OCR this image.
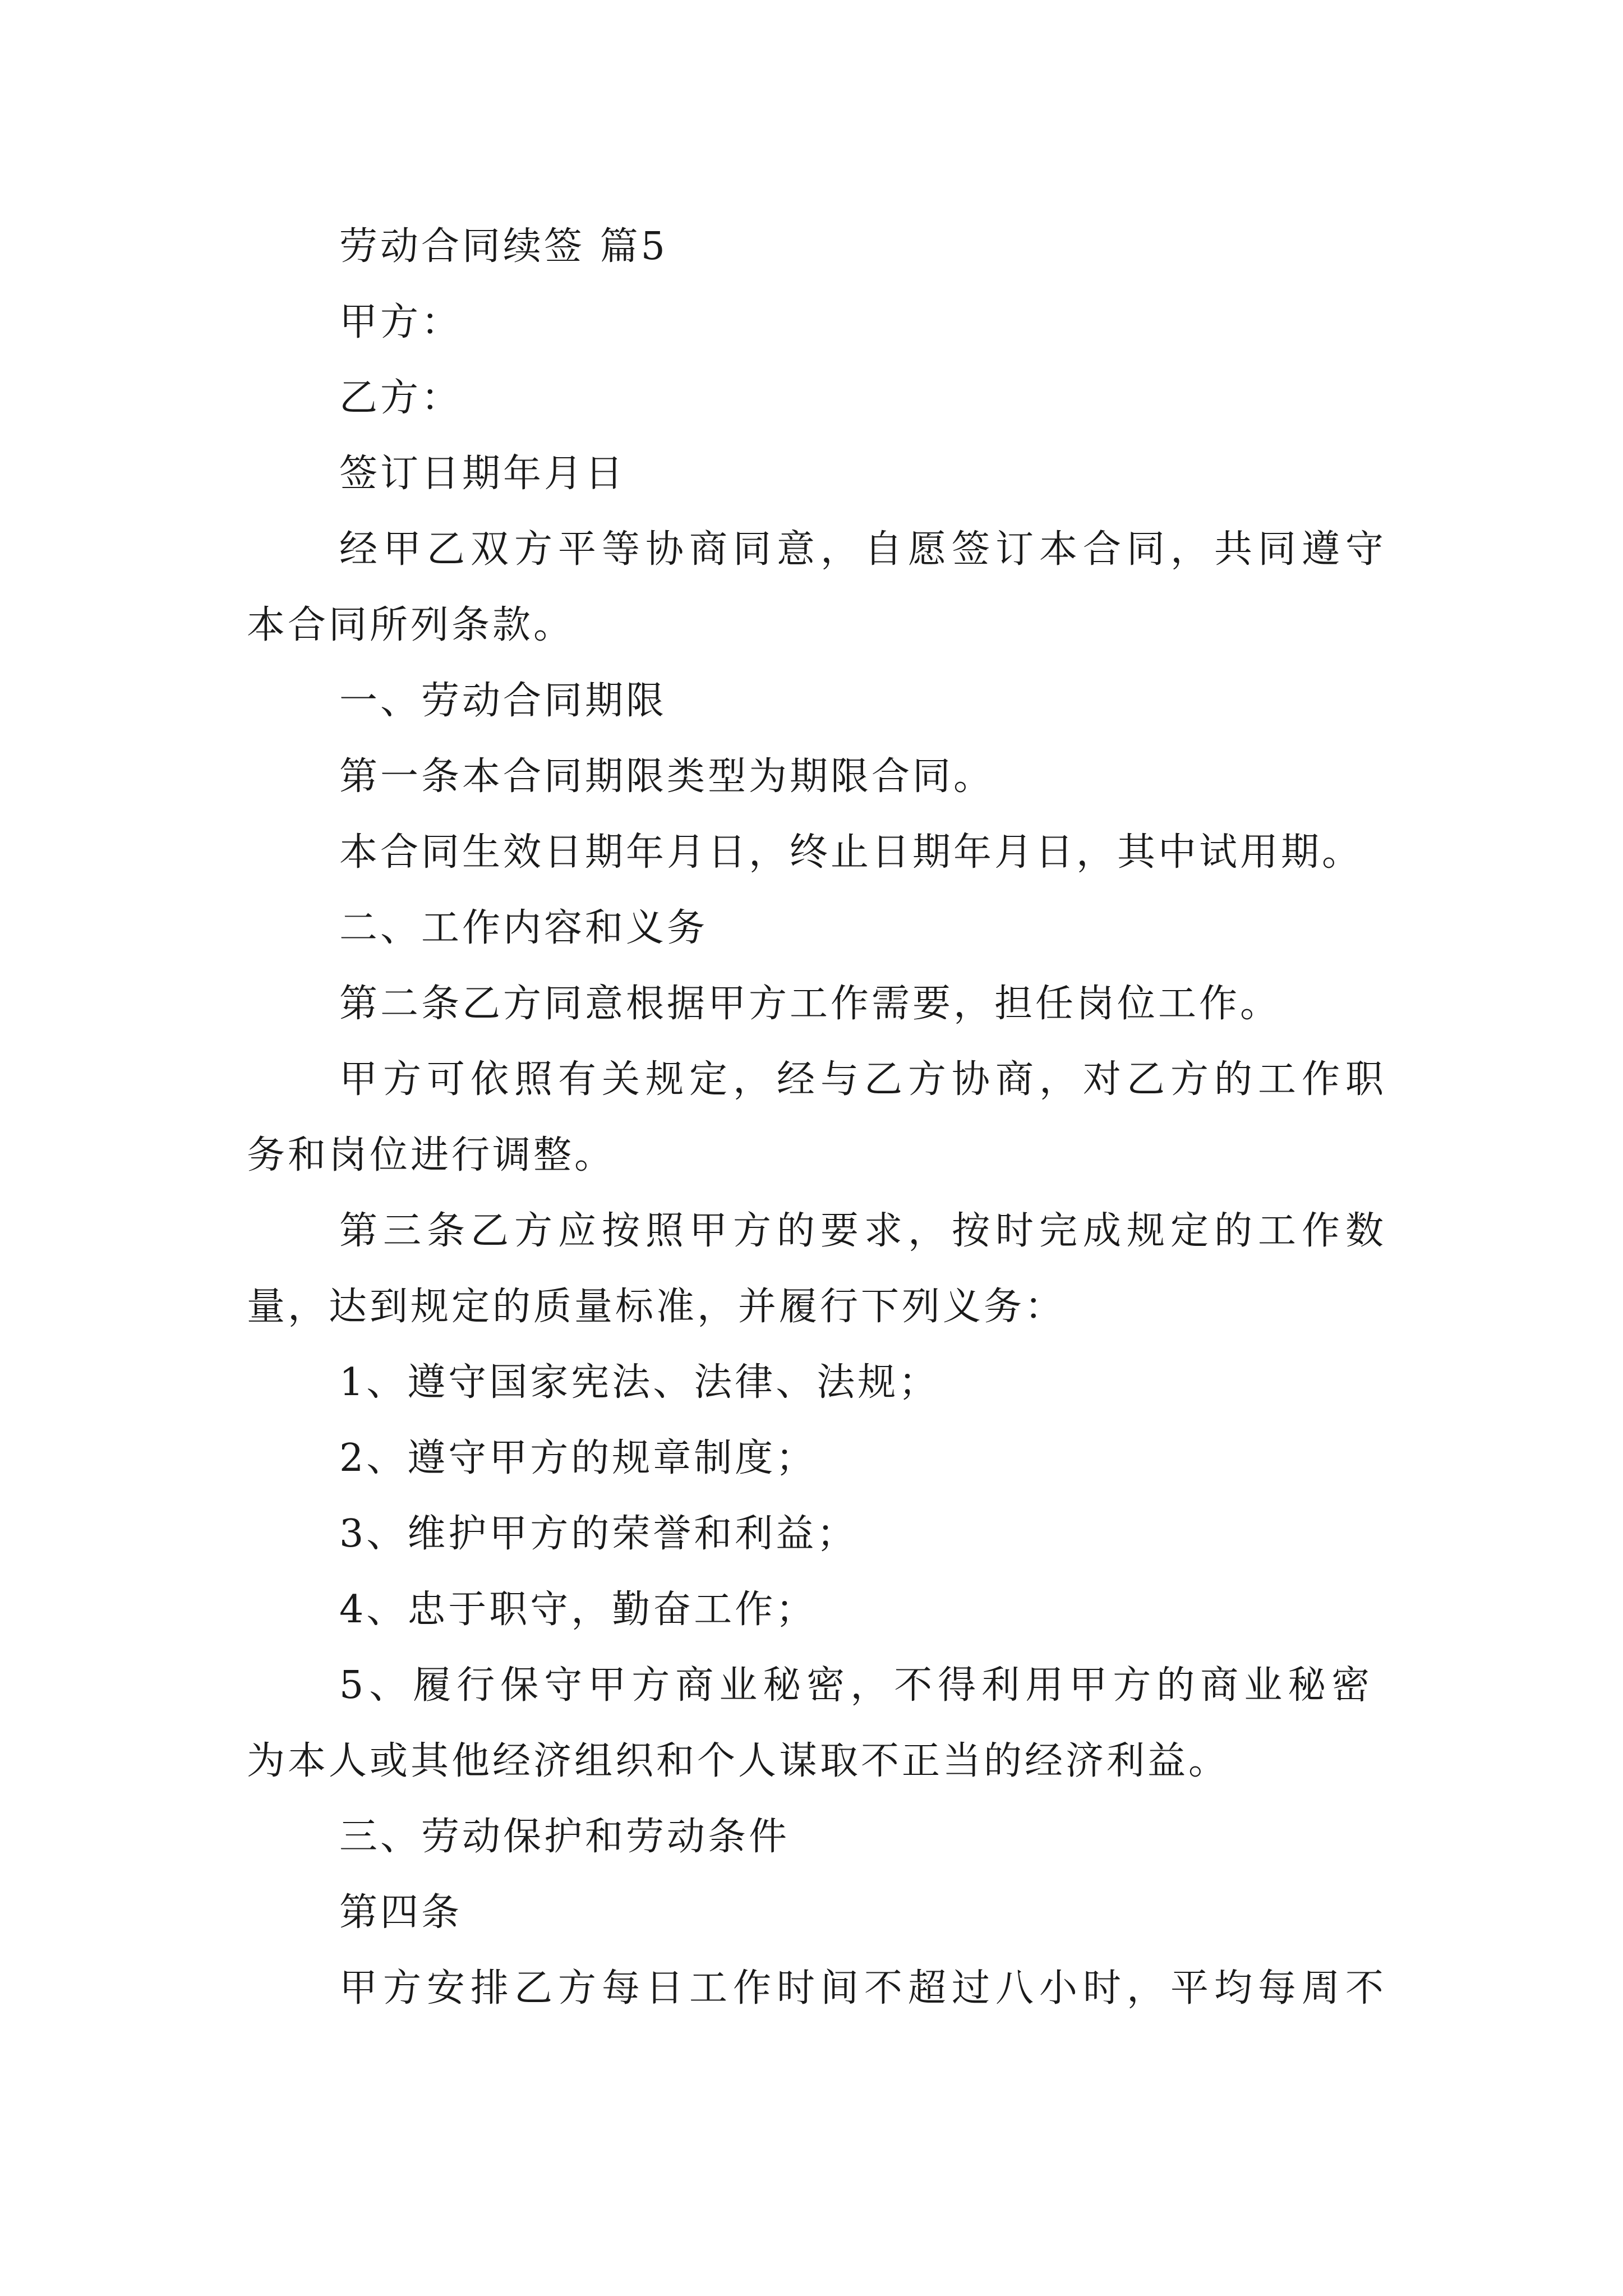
劳动合同续签 篇5
甲方：
乙方：
签订日期年月日
经甲乙双方平等协商同意，自愿签订本合同，共同遵守
本合同所列条款。
一、劳动合同期限
第一条本合同期限类型为期限合同。
本合同生效日期年月日，终止日期年月日，其中试用期。
二、工作内容和义务
第二条乙方同意根据甲方工作需要，担任岗位工作。
甲方可依照有关规定，经与乙方协商，对乙方的工作职
务和岗位进行调整。
第三条乙方应按照甲方的要求，按时完成规定的工作数
量，达到规定的质量标准，并履行下列义务：
1、遵守国家宪法、法律、法规；
2、遵守甲方的规章制度；
3、维护甲方的荣誉和利益；
4、忠于职守，勤奋工作；
5、履行保守甲方商业秘密，不得利用甲方的商业秘密
为本人或其他经济组织和个人谋取不正当的经济利益。
三、劳动保护和劳动条件
第四条
甲方安排乙方每日工作时间不超过八小时，平均每周不
